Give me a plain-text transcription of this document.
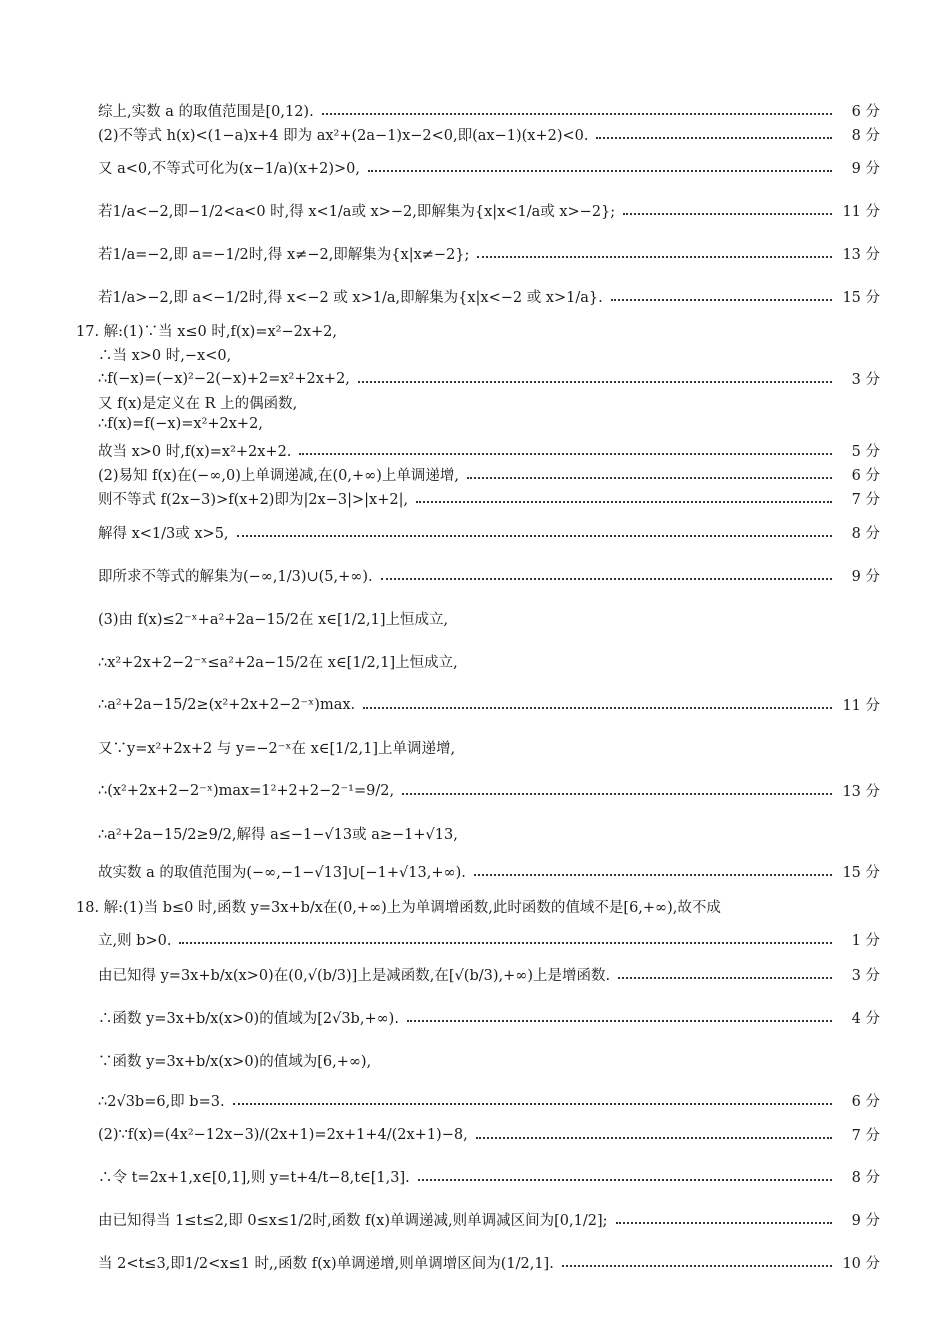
综上,实数 a 的取值范围是[0,12).	6 分
(2)不等式 h(x)<(1−a)x+4 即为 ax²+(2a−1)x−2<0,即(ax−1)(x+2)<0.	8 分
又 a<0,不等式可化为(x−1/a)(x+2)>0,	9 分
若1/a<−2,即−1/2<a<0 时,得 x<1/a或 x>−2,即解集为{x|x<1/a或 x>−2};	11 分
若1/a=−2,即 a=−1/2时,得 x≠−2,即解集为{x|x≠−2};	13 分
若1/a>−2,即 a<−1/2时,得 x<−2 或 x>1/a,即解集为{x|x<−2 或 x>1/a}.	15 分
17. 解:(1)∵当 x≤0 时,f(x)=x²−2x+2,
∴当 x>0 时,−x<0,
∴f(−x)=(−x)²−2(−x)+2=x²+2x+2,	3 分
又 f(x)是定义在 R 上的偶函数,
∴f(x)=f(−x)=x²+2x+2,
故当 x>0 时,f(x)=x²+2x+2.	5 分
(2)易知 f(x)在(−∞,0)上单调递减,在(0,+∞)上单调递增,	6 分
则不等式 f(2x−3)>f(x+2)即为|2x−3|>|x+2|,	7 分
解得 x<1/3或 x>5,	8 分
即所求不等式的解集为(−∞,1/3)∪(5,+∞).	9 分
(3)由 f(x)≤2⁻ˣ+a²+2a−15/2在 x∈[1/2,1]上恒成立,
∴x²+2x+2−2⁻ˣ≤a²+2a−15/2在 x∈[1/2,1]上恒成立,
∴a²+2a−15/2≥(x²+2x+2−2⁻ˣ)max.	11 分
又∵y=x²+2x+2 与 y=−2⁻ˣ在 x∈[1/2,1]上单调递增,
∴(x²+2x+2−2⁻ˣ)max=1²+2+2−2⁻¹=9/2,	13 分
∴a²+2a−15/2≥9/2,解得 a≤−1−√13或 a≥−1+√13,
故实数 a 的取值范围为(−∞,−1−√13]∪[−1+√13,+∞).	15 分
18. 解:(1)当 b≤0 时,函数 y=3x+b/x在(0,+∞)上为单调增函数,此时函数的值域不是[6,+∞),故不成
立,则 b>0.	1 分
由已知得 y=3x+b/x(x>0)在(0,√(b/3)]上是减函数,在[√(b/3),+∞)上是增函数.	3 分
∴函数 y=3x+b/x(x>0)的值域为[2√3b,+∞).	4 分
∵函数 y=3x+b/x(x>0)的值域为[6,+∞),
∴2√3b=6,即 b=3.	6 分
(2)∵f(x)=(4x²−12x−3)/(2x+1)=2x+1+4/(2x+1)−8,	7 分
∴令 t=2x+1,x∈[0,1],则 y=t+4/t−8,t∈[1,3].	8 分
由已知得当 1≤t≤2,即 0≤x≤1/2时,函数 f(x)单调递减,则单调减区间为[0,1/2];	9 分
当 2<t≤3,即1/2<x≤1 时,,函数 f(x)单调递增,则单调增区间为(1/2,1].	10 分
